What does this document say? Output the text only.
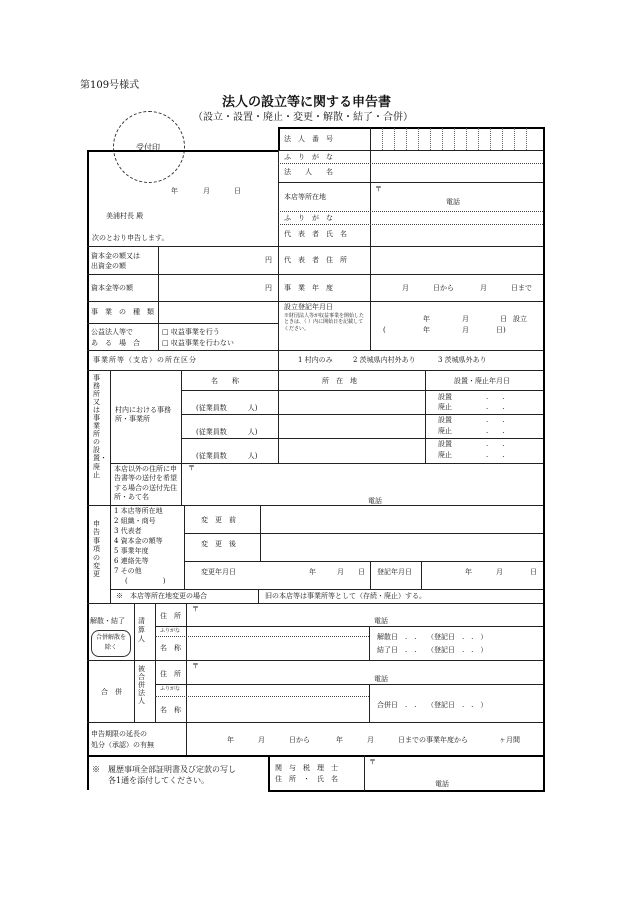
第109号様式
法人の設立等に関する申告書
（設立・設置・廃止・変更・解散・結了・合併）
受付印
法　人　番　号
ふ　り　が　な
法　　人　　名
本店等所在地
〒
電話
ふ　り　が　な
代　表　者　氏　名
代　表　者　住　所
事　業　年　度	月	日から	月	日まで
設立登記年月日
※財団法人等が収益事業を開始したときは、（ ）内に開始日を記載してください。
年	月	日 設立
(	年	月	日)
年	月	日
美浦村長 殿
次のとおり申告します。
資本金の額又は
出資金の額
円
資本金等の額	円
事　業　の　種　類
公益法人等で
あ　る　場　合
□ 収益事業を行う
□ 収益事業を行わない
事業所等（支店）の所在区分	1 村内のみ	2 茨城県内村外あり	3 茨城県外あり
事務所又は事業所の設置・廃止
名　　称	所　在　地	設置・廃止年月日
村内における事務所・事業所
(従業員数　　　人)
設置	.　　.
廃止	.　　.
(従業員数　　　人)
設置	.　　.
廃止	.　　.
(従業員数　　　人)
設置	.　　.
廃止	.　　.
本店以外の住所に申告書等の送付を希望する場合の送付先住所・あて名
〒
電話
申告事項の変更
1 本店等所在地
2 組織・商号
3 代表者
4 資本金の額等
5 事業年度
6 連絡先等
7 その他
(　　　　　)
変　更　前
変　更　後
変更年月日	年	月 日 登記年月日	年	月	日
※　本店等所在地変更の場合	旧の本店等は事業所等として（存続・廃止）する。
解散・結了
合併解散を除く
清算人
住　所
〒
電話
ふりがな
名　称
解散日　.　.　　（登記日　.　.　）
結了日　.　.　　（登記日　.　.　）
合　併
被合併法人
住　所
〒
電話
ふりがな
名　称
合併日　.　.　　（登記日　.　.　）
申告期限の延長の
処分（承認）の有無
年	月	日から	年	月	日までの事業年度から	ヶ月間
※　履歴事項全部証明書及び定款の写し
各1通を添付してください。
関　与　税　理　士
住　所　・　氏　名
〒
電話
